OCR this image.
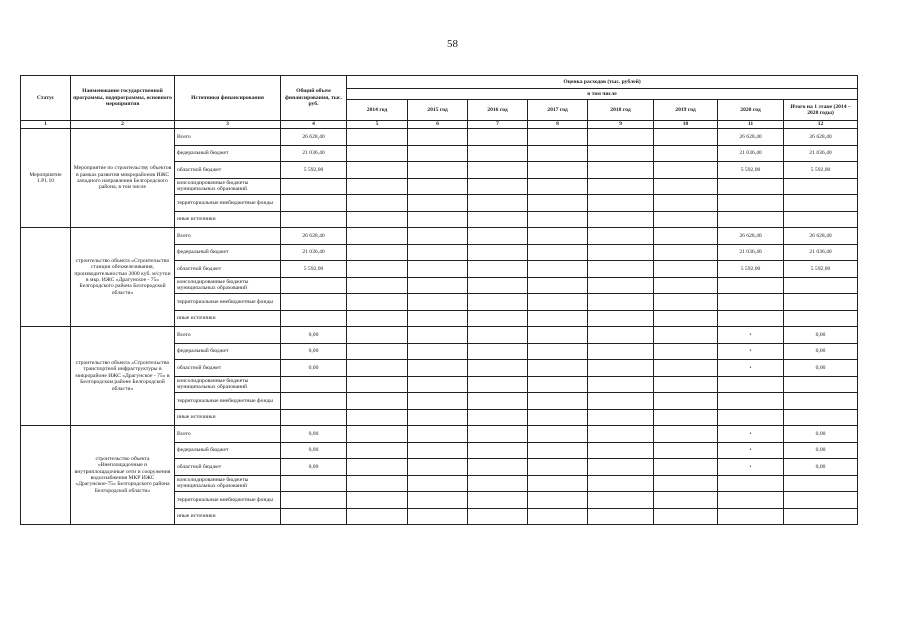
58
Статус	Наименование государственной программы, подпрограммы, основного мероприятия	Источники финансирования	Общий объем финансирования, тыс. руб.	Оценка расходов (тыс. рублей)							
				в том числе							
				2014 год	2015 год	2016 год	2017 год	2018 год	2019 год	2020 год	Итого на 1 этапе (2014 – 2020 годы)
1	2	3	4	5	6	7	8	9	10	11	12
Мероприятие 1.Р1.10	Мероприятие по строительству объектов в рамках развития микрорайонов ИЖС западного направления Белгородского района, в том числе	Всего	26 628,40							26 628,40	26 628,40
		федеральный бюджет	21 036,40							21 036,40	21 036,40
		областной бюджет	5 592,00							5 592,00	5 592,00
		консолидированные бюджеты муниципальных образований									
		территориальные внебюджетные фонды									
		иные источники									
	строительство объекта «Строительство станции обезжелезивания, производительностью 3000 куб. м/сутки в мкр. ИЖС «Драгунское - 75» Белгородского района Белгородской области»	Всего	26 628,40							26 628,40	26 628,40
		федеральный бюджет	21 036,40							21 036,40	21 036,40
		областной бюджет	5 592,00							5 592,00	5 592,00
		консолидированные бюджеты муниципальных образований									
		территориальные внебюджетные фонды									
		иные источники									
	строительство объекта «Строительство транспортной инфраструктуры в микрорайоне ИЖС «Драгунское - 75» в Белгородском районе Белгородской области»	Всего	0,00							•	0,00
		федеральный бюджет	0,00							•	0,00
		областной бюджет	0,00							•	0,00
		консолидированные бюджеты муниципальных образований									
		территориальные внебюджетные фонды									
		иные источники									
	строительство объекта «Внеплощадочные и внутриплощадочные сети и сооружения водоснабжения МКР ИЖС «Драгунское-75» Белгородского района Белгородской области»	Всего	0,00							•	0,00
		федеральный бюджет	0,00							•	0,00
		областной бюджет	0,00							•	0,00
		консолидированные бюджеты муниципальных образований									
		территориальные внебюджетные фонды									
		иные источники									
